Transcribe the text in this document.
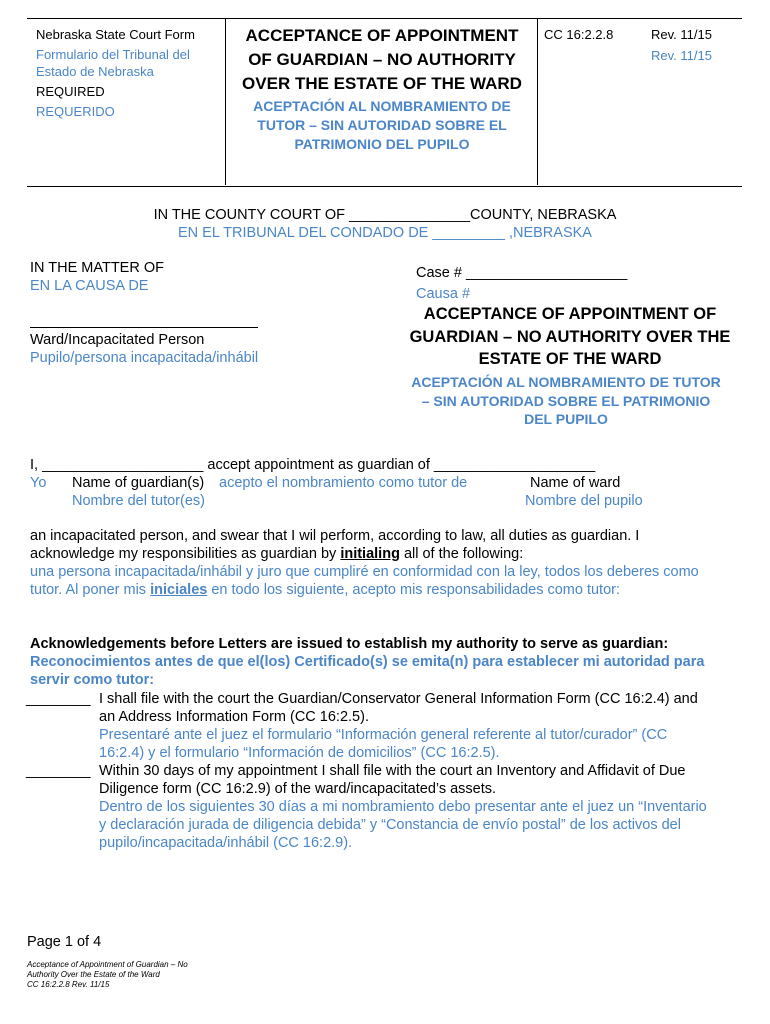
Nebraska State Court Form
Formulario del Tribunal del Estado de Nebraska
REQUIRED
REQUERIDO
ACCEPTANCE OF APPOINTMENT OF GUARDIAN – NO AUTHORITY OVER THE ESTATE OF THE WARD
ACEPTACIÓN AL NOMBRAMIENTO DE TUTOR – SIN AUTORIDAD SOBRE EL PATRIMONIO DEL PUPILO
CC 16:2.2.8	Rev. 11/15
Rev. 11/15
IN THE COUNTY COURT OF _______________COUNTY, NEBRASKA
EN EL TRIBUNAL DEL CONDADO DE _________ ,NEBRASKA
IN THE MATTER OF
EN LA CAUSA DE
Ward/Incapacitated Person
Pupilo/persona incapacitada/inhábil
Case # ____________________
Causa #
ACCEPTANCE OF APPOINTMENT OF GUARDIAN – NO AUTHORITY OVER THE ESTATE OF THE WARD
ACEPTACIÓN AL NOMBRAMIENTO DE TUTOR – SIN AUTORIDAD SOBRE EL PATRIMONIO DEL PUPILO
I, ____________________ accept appointment as guardian of ____________________
Yo Name of guardian(s) acepto el nombramiento como tutor de	Name of ward
Nombre del tutor(es)	Nombre del pupilo
an incapacitated person, and swear that I wil perform, according to law, all duties as guardian. I
acknowledge my responsibilities as guardian by initialing all of the following:
una persona incapacitada/inhábil y juro que cumpliré en conformidad con la ley, todos los deberes como
tutor. Al poner mis iniciales en todo los siguiente, acepto mis responsabilidades como tutor:
Acknowledgements before Letters are issued to establish my authority to serve as guardian:
Reconocimientos antes de que el(los) Certificado(s) se emita(n) para establecer mi autoridad para
servir como tutor:
________ I shall file with the court the Guardian/Conservator General Information Form (CC 16:2.4) and
an Address Information Form (CC 16:2.5).
Presentaré ante el juez el formulario “Información general referente al tutor/curador” (CC
16:2.4) y el formulario “Información de domicilios” (CC 16:2.5).
________ Within 30 days of my appointment I shall file with the court an Inventory and Affidavit of Due
Diligence form (CC 16:2.9) of the ward/incapacitated’s assets.
Dentro de los siguientes 30 días a mi nombramiento debo presentar ante el juez un “Inventario
y declaración jurada de diligencia debida” y “Constancia de envío postal” de los activos del
pupilo/incapacitada/inhábil (CC 16:2.9).
Page 1 of 4
Acceptance of Appointment of Guardian – No
Authority Over the Estate of the Ward
CC 16:2.2.8 Rev. 11/15
